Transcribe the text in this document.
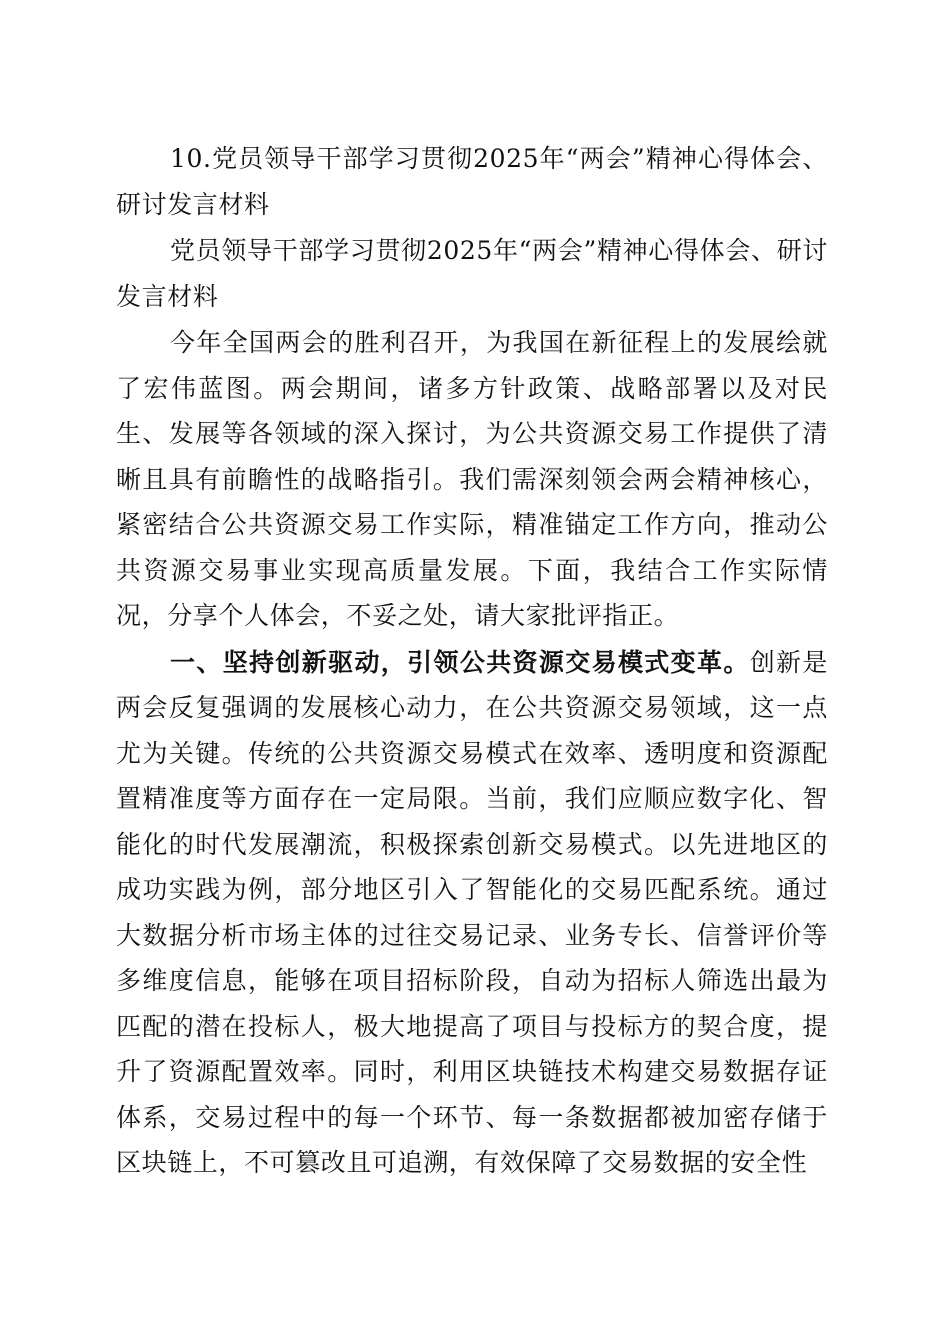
10.党员领导干部学习贯彻2025年“两会”精神心得体会、研讨发言材料

党员领导干部学习贯彻2025年“两会”精神心得体会、研讨发言材料

今年全国两会的胜利召开，为我国在新征程上的发展绘就了宏伟蓝图。两会期间，诸多方针政策、战略部署以及对民生、发展等各领域的深入探讨，为公共资源交易工作提供了清晰且具有前瞻性的战略指引。我们需深刻领会两会精神核心，紧密结合公共资源交易工作实际，精准锚定工作方向，推动公共资源交易事业实现高质量发展。下面，我结合工作实际情况，分享个人体会，不妥之处，请大家批评指正。

一、坚持创新驱动，引领公共资源交易模式变革。创新是两会反复强调的发展核心动力，在公共资源交易领域，这一点尤为关键。传统的公共资源交易模式在效率、透明度和资源配置精准度等方面存在一定局限。当前，我们应顺应数字化、智能化的时代发展潮流，积极探索创新交易模式。以先进地区的成功实践为例，部分地区引入了智能化的交易匹配系统。通过大数据分析市场主体的过往交易记录、业务专长、信誉评价等多维度信息，能够在项目招标阶段，自动为招标人筛选出最为匹配的潜在投标人，极大地提高了项目与投标方的契合度，提升了资源配置效率。同时，利用区块链技术构建交易数据存证体系，交易过程中的每一个环节、每一条数据都被加密存储于区块链上，不可篡改且可追溯，有效保障了交易数据的安全性
